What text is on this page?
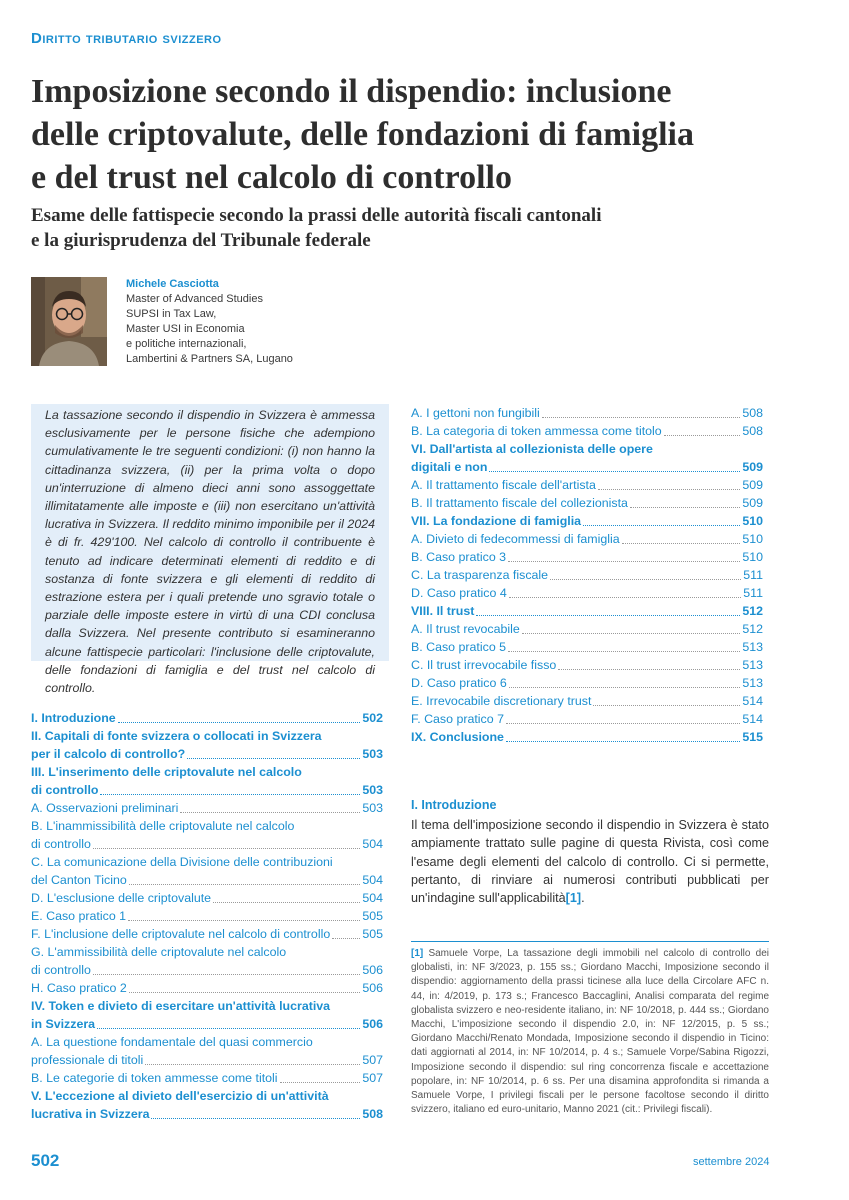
Diritto tributario svizzero
Imposizione secondo il dispendio: inclusione
delle criptovalute, delle fondazioni di famiglia
e del trust nel calcolo di controllo
Esame delle fattispecie secondo la prassi delle autorità fiscali cantonali
e la giurisprudenza del Tribunale federale
Michele Casciotta
Master of Advanced Studies
SUPSI in Tax Law,
Master USI in Economia
e politiche internazionali,
Lambertini & Partners SA, Lugano

La tassazione secondo il dispendio in Svizzera è ammessa esclusivamente per le persone fisiche che adempiono cumulativamente le tre seguenti condizioni: (i) non hanno la cittadinanza svizzera, (ii) per la prima volta o dopo un'interruzione di almeno dieci anni sono assoggettate illimitatamente alle imposte e (iii) non esercitano un'attività lucrativa in Svizzera. Il reddito minimo imponibile per il 2024 è di fr. 429'100. Nel calcolo di controllo il contribuente è tenuto ad indicare determinati elementi di reddito e di sostanza di fonte svizzera e gli elementi di reddito di estrazione estera per i quali pretende uno sgravio totale o parziale delle imposte estere in virtù di una CDI conclusa dalla Svizzera. Nel presente contributo si esamineranno alcune fattispecie particolari: l'inclusione delle criptovalute, delle fondazioni di famiglia e del trust nel calcolo di controllo.

I. Introduzione	502
II. Capitali di fonte svizzera o collocati in Svizzera
per il calcolo di controllo?	503
III. L'inserimento delle criptovalute nel calcolo
di controllo	503
A. Osservazioni preliminari	503
B. L'inammissibilità delle criptovalute nel calcolo
di controllo	504
C. La comunicazione della Divisione delle contribuzioni
del Canton Ticino	504
D. L'esclusione delle criptovalute	504
E. Caso pratico 1	505
F. L'inclusione delle criptovalute nel calcolo di controllo	505
G. L'ammissibilità delle criptovalute nel calcolo
di controllo	506
H. Caso pratico 2	506
IV. Token e divieto di esercitare un'attività lucrativa
in Svizzera	506
A. La questione fondamentale del quasi commercio
professionale di titoli	507
B. Le categorie di token ammesse come titoli	507
V. L'eccezione al divieto dell'esercizio di un'attività
lucrativa in Svizzera	508
A. I gettoni non fungibili	508
B. La categoria di token ammessa come titolo	508
VI. Dall'artista al collezionista delle opere
digitali e non	509
A. Il trattamento fiscale dell'artista	509
B. Il trattamento fiscale del collezionista	509
VII. La fondazione di famiglia	510
A. Divieto di fedecommessi di famiglia	510
B. Caso pratico 3	510
C. La trasparenza fiscale	511
D. Caso pratico 4	511
VIII. Il trust	512
A. Il trust revocabile	512
B. Caso pratico 5	513
C. Il trust irrevocabile fisso	513
D. Caso pratico 6	513
E. Irrevocabile discretionary trust	514
F. Caso pratico 7	514
IX. Conclusione	515
I. Introduzione
Il tema dell'imposizione secondo il dispendio in Svizzera è stato ampiamente trattato sulle pagine di questa Rivista, così come l'esame degli elementi del calcolo di controllo. Ci si permette, pertanto, di rinviare ai numerosi contributi pubblicati per un'indagine sull'applicabilità[1].
[1] Samuele Vorpe, La tassazione degli immobili nel calcolo di controllo dei globalisti, in: NF 3/2023, p. 155 ss.; Giordano Macchi, Imposizione secondo il dispendio: aggiornamento della prassi ticinese alla luce della Circolare AFC n. 44, in: 4/2019, p. 173 s.; Francesco Baccaglini, Analisi comparata del regime globalista svizzero e neo-residente italiano, in: NF 10/2018, p. 444 ss.; Giordano Macchi, L'imposizione secondo il dispendio 2.0, in: NF 12/2015, p. 5 ss.; Giordano Macchi/Renato Mondada, Imposizione secondo il dispendio in Ticino: dati aggiornati al 2014, in: NF 10/2014, p. 4 s.; Samuele Vorpe/Sabina Rigozzi, Imposizione secondo il dispendio: sul ring concorrenza fiscale e accettazione popolare, in: NF 10/2014, p. 6 ss. Per una disamina approfondita si rimanda a Samuele Vorpe, I privilegi fiscali per le persone facoltose secondo il diritto svizzero, italiano ed euro-unitario, Manno 2021 (cit.: Privilegi fiscali).
502	settembre 2024
